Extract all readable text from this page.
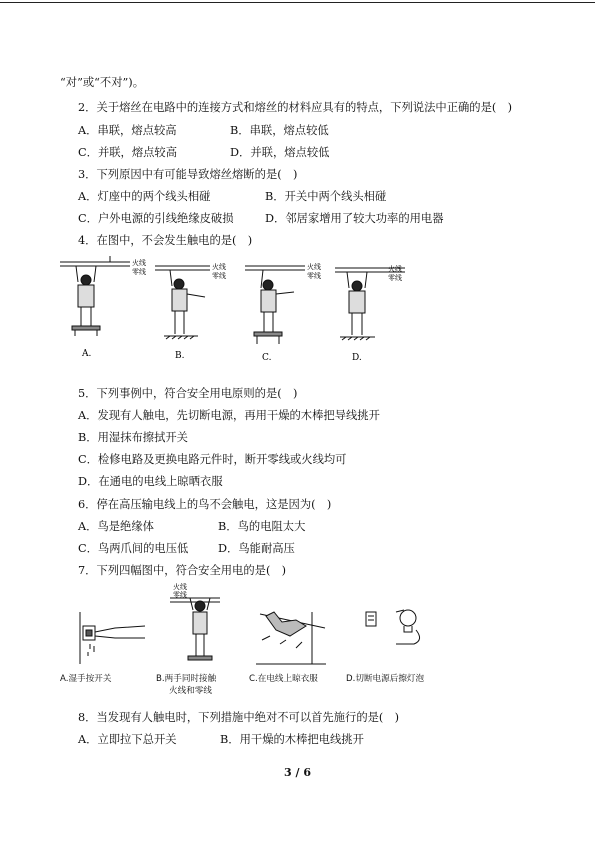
“对”或“不对”)。
2．关于熔丝在电路中的连接方式和熔丝的材料应具有的特点，下列说法中正确的是(　)
A．串联，熔点较高	B．串联，熔点较低
C．并联，熔点较高	D．并联，熔点较低
3．下列原因中有可能导致熔丝熔断的是(　)
A．灯座中的两个线头相碰	B．开关中两个线头相碰
C．户外电源的引线绝缘皮破损	D．邻居家增用了较大功率的用电器
4．在图中，不会发生触电的是(　)
火线
零线
火线
零线
火线
零线
火线
零线
A.	B.	C.	D.
5．下列事例中，符合安全用电原则的是(　)
A．发现有人触电，先切断电源，再用干燥的木棒把导线挑开
B．用湿抹布擦拭开关
C．检修电路及更换电路元件时，断开零线或火线均可
D．在通电的电线上晾晒衣服
6．停在高压输电线上的鸟不会触电，这是因为(　)
A．鸟是绝缘体	B．鸟的电阻太大
C．鸟两爪间的电压低	D．鸟能耐高压
7．下列四幅图中，符合安全用电的是(　)
火线
零线
A.湿手按开关	B.两手同时接触
火线和零线
C.在电线上晾衣服	D.切断电源后擦灯泡
8．当发现有人触电时，下列措施中绝对不可以首先施行的是(　)
A．立即拉下总开关	B．用干燥的木棒把电线挑开
3 / 6
